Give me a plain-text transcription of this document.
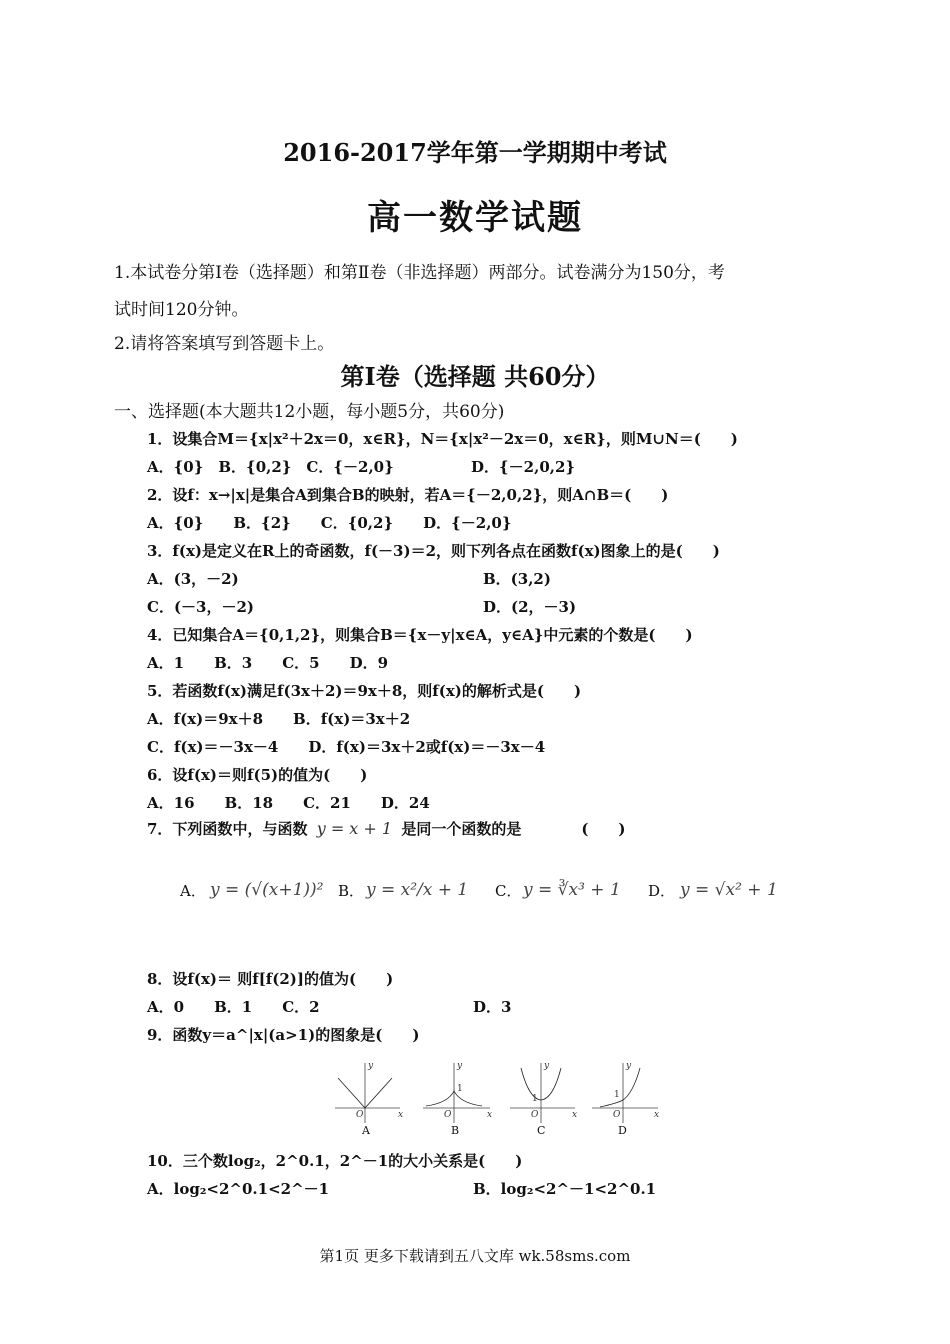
2016-2017学年第一学期期中考试
高一数学试题
1.本试卷分第Ⅰ卷（选择题）和第Ⅱ卷（非选择题）两部分。试卷满分为150分，考
试时间120分钟。
2.请将答案填写到答题卡上。
第Ⅰ卷（选择题 共60分）
一、选择题(本大题共12小题，每小题5分，共60分)
1．设集合M＝{x|x²＋2x＝0，x∈R}，N＝{x|x²－2x＝0，x∈R}，则M∪N＝(　　)
A．{0}　B．{0,2}　C．{－2,0}	D．{－2,0,2}
2．设f：x→|x|是集合A到集合B的映射，若A＝{－2,0,2}，则A∩B＝(　　)
A．{0}　　B．{2}　　C．{0,2}　　D．{－2,0}
3．f(x)是定义在R上的奇函数，f(－3)＝2，则下列各点在函数f(x)图象上的是(　　)
A．(3，－2)	B．(3,2)
C．(－3，－2)	D．(2，－3)
4．已知集合A＝{0,1,2}，则集合B＝{x－y|x∈A，y∈A}中元素的个数是(　　)
A．1　　B．3　　C．5　　D．9
5．若函数f(x)满足f(3x＋2)＝9x＋8，则f(x)的解析式是(　　)
A．f(x)＝9x＋8　　B．f(x)＝3x＋2
C．f(x)＝－3x－4　　D．f(x)＝3x＋2或f(x)＝－3x－4
6．设f(x)＝则f(5)的值为(　　)
A．16　　B．18　　C．21　　D．24
7．下列函数中，与函数 y = x + 1 是同一个函数的是　　　　(　　)
A． y = (√(x+1))² B． y = x²/x + 1 C． y = ∛x³ + 1 D． y = √x² + 1
8．设f(x)＝ 则f[f(2)]的值为(　　)
A．0　　B．1　　C．2	D．3
9．函数y＝a^|x|(a>1)的图象是(　　)
y
x
O
y
x
O
1
y
x
O
1
y
x
O
1
A	B	C	D
10．三个数log₂，2^0.1，2^－1的大小关系是(　　)
A．log₂<2^0.1<2^－1	B．log₂<2^－1<2^0.1
第1页 更多下载请到五八文库 wk.58sms.com
